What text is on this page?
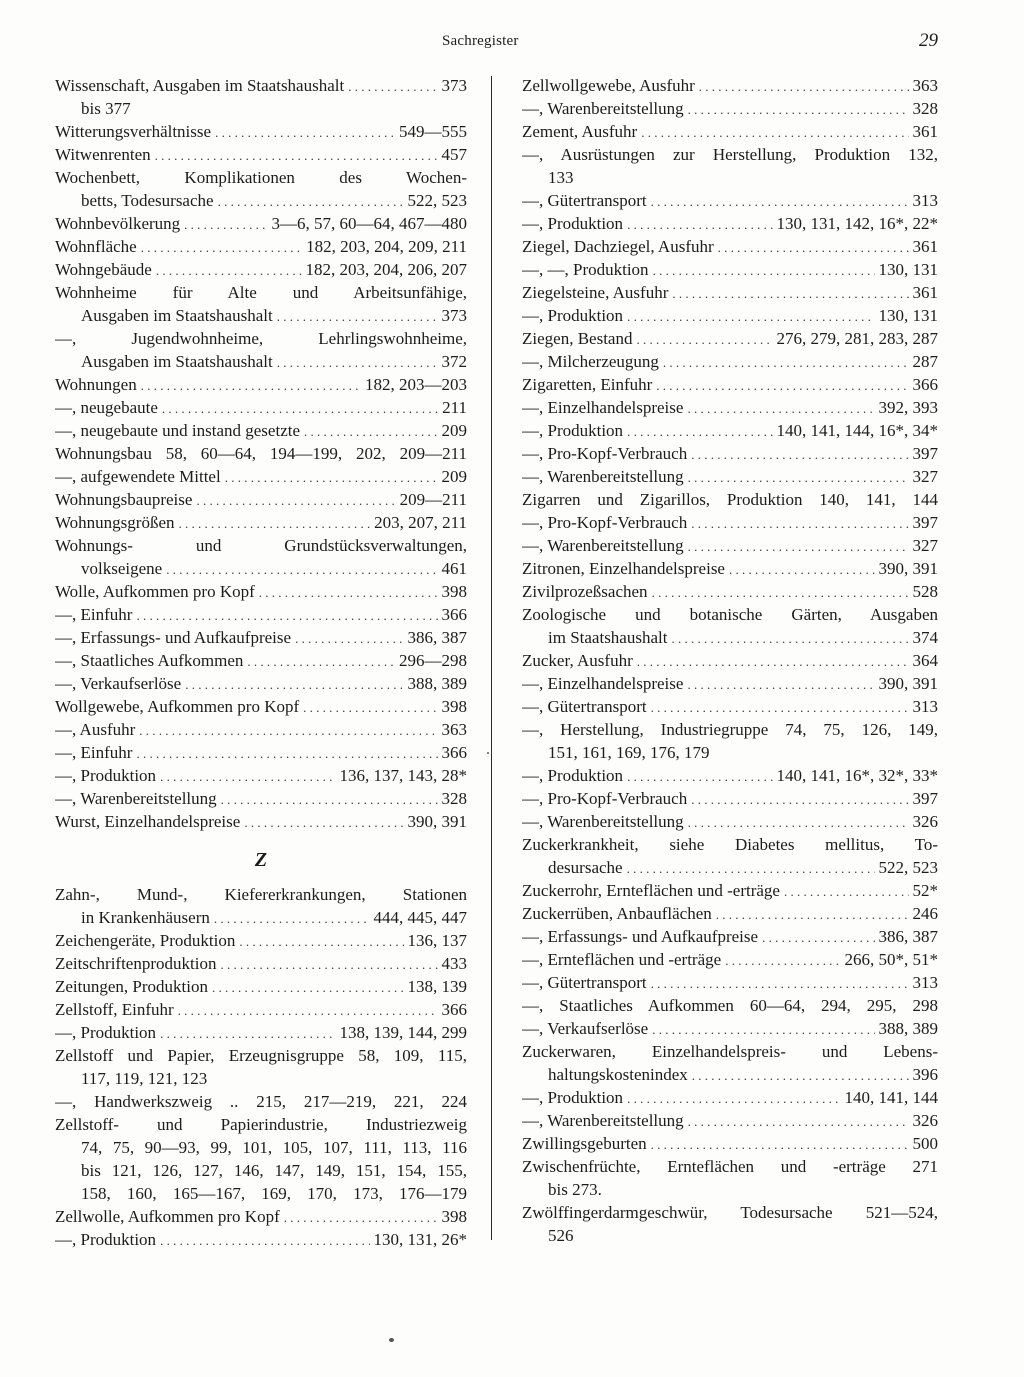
Sachregister	29
Wissenschaft, Ausgaben im Staatshaushalt . . .	373
bis 377
Witterungsverhältnisse . . .	549—555
Witwenrenten . . .	457
Wochenbett, Komplikationen des Wochen-
betts, Todesursache . . .	522, 523
Wohnbevölkerung . . .	3—6, 57, 60—64, 467—480
Wohnfläche . . .	182, 203, 204, 209, 211
Wohngebäude . . .	182, 203, 204, 206, 207
Wohnheime für Alte und Arbeitsunfähige,
Ausgaben im Staatshaushalt . . .	373
—, Jugendwohnheime, Lehrlingswohnheime,
Ausgaben im Staatshaushalt . . .	372
Wohnungen . . .	182, 203—203
—, neugebaute . . .	211
—, neugebaute und instand gesetzte . . .	209
Wohnungsbau 58, 60—64, 194—199, 202, 209—211
—, aufgewendete Mittel . . .	209
Wohnungsbaupreise . . .	209—211
Wohnungsgrößen . . .	203, 207, 211
Wohnungs- und Grundstücksverwaltungen,
volkseigene . . .	461
Wolle, Aufkommen pro Kopf . . .	398
—, Einfuhr . . .	366
—, Erfassungs- und Aufkaufpreise . . .	386, 387
—, Staatliches Aufkommen . . .	296—298
—, Verkaufserlöse . . .	388, 389
Wollgewebe, Aufkommen pro Kopf . . .	398
—, Ausfuhr . . .	363
—, Einfuhr . . .	366
—, Produktion . . .	136, 137, 143, 28*
—, Warenbereitstellung . . .	328
Wurst, Einzelhandelspreise . . .	390, 391
Z
Zahn-, Mund-, Kiefererkrankungen, Stationen
in Krankenhäusern . . .	444, 445, 447
Zeichengeräte, Produktion . . .	136, 137
Zeitschriftenproduktion . . .	433
Zeitungen, Produktion . . .	138, 139
Zellstoff, Einfuhr . . .	366
—, Produktion . . .	138, 139, 144, 299
Zellstoff und Papier, Erzeugnisgruppe 58, 109, 115,
117, 119, 121, 123
—, Handwerkszweig .. 215, 217—219, 221, 224
Zellstoff- und Papierindustrie, Industriezweig
74, 75, 90—93, 99, 101, 105, 107, 111, 113, 116
bis 121, 126, 127, 146, 147, 149, 151, 154, 155,
158, 160, 165—167, 169, 170, 173, 176—179
Zellwolle, Aufkommen pro Kopf . . .	398
—, Produktion . . .	130, 131, 26*
Zellwollgewebe, Ausfuhr . . .	363
—, Warenbereitstellung . . .	328
Zement, Ausfuhr . . .	361
—, Ausrüstungen zur Herstellung, Produktion 132,
133
—, Gütertransport . . .	313
—, Produktion . . .	130, 131, 142, 16*, 22*
Ziegel, Dachziegel, Ausfuhr . . .	361
—, —, Produktion . . .	130, 131
Ziegelsteine, Ausfuhr . . .	361
—, Produktion . . .	130, 131
Ziegen, Bestand . . .	276, 279, 281, 283, 287
—, Milcherzeugung . . .	287
Zigaretten, Einfuhr . . .	366
—, Einzelhandelspreise . . .	392, 393
—, Produktion . . .	140, 141, 144, 16*, 34*
—, Pro-Kopf-Verbrauch . . .	397
—, Warenbereitstellung . . .	327
Zigarren und Zigarillos, Produktion 140, 141, 144
—, Pro-Kopf-Verbrauch . . .	397
—, Warenbereitstellung . . .	327
Zitronen, Einzelhandelspreise . . .	390, 391
Zivilprozeßsachen . . .	528
Zoologische und botanische Gärten, Ausgaben
im Staatshaushalt . . .	374
Zucker, Ausfuhr . . .	364
—, Einzelhandelspreise . . .	390, 391
—, Gütertransport . . .	313
—, Herstellung, Industriegruppe 74, 75, 126, 149,
151, 161, 169, 176, 179
—, Produktion . . .	140, 141, 16*, 32*, 33*
—, Pro-Kopf-Verbrauch . . .	397
—, Warenbereitstellung . . .	326
Zuckerkrankheit, siehe Diabetes mellitus, To-
desursache . . .	522, 523
Zuckerrohr, Ernteflächen und -erträge . . .	52*
Zuckerrüben, Anbauflächen . . .	246
—, Erfassungs- und Aufkaufpreise . . .	386, 387
—, Ernteflächen und -erträge . . .	266, 50*, 51*
—, Gütertransport . . .	313
—, Staatliches Aufkommen 60—64, 294, 295, 298
—, Verkaufserlöse . . .	388, 389
Zuckerwaren, Einzelhandelspreis- und Lebens-
haltungskostenindex . . .	396
—, Produktion . . .	140, 141, 144
—, Warenbereitstellung . . .	326
Zwillingsgeburten . . .	500
Zwischenfrüchte, Ernteflächen und -erträge 271
bis 273.
Zwölffingerdarmgeschwür, Todesursache 521—524,
526
